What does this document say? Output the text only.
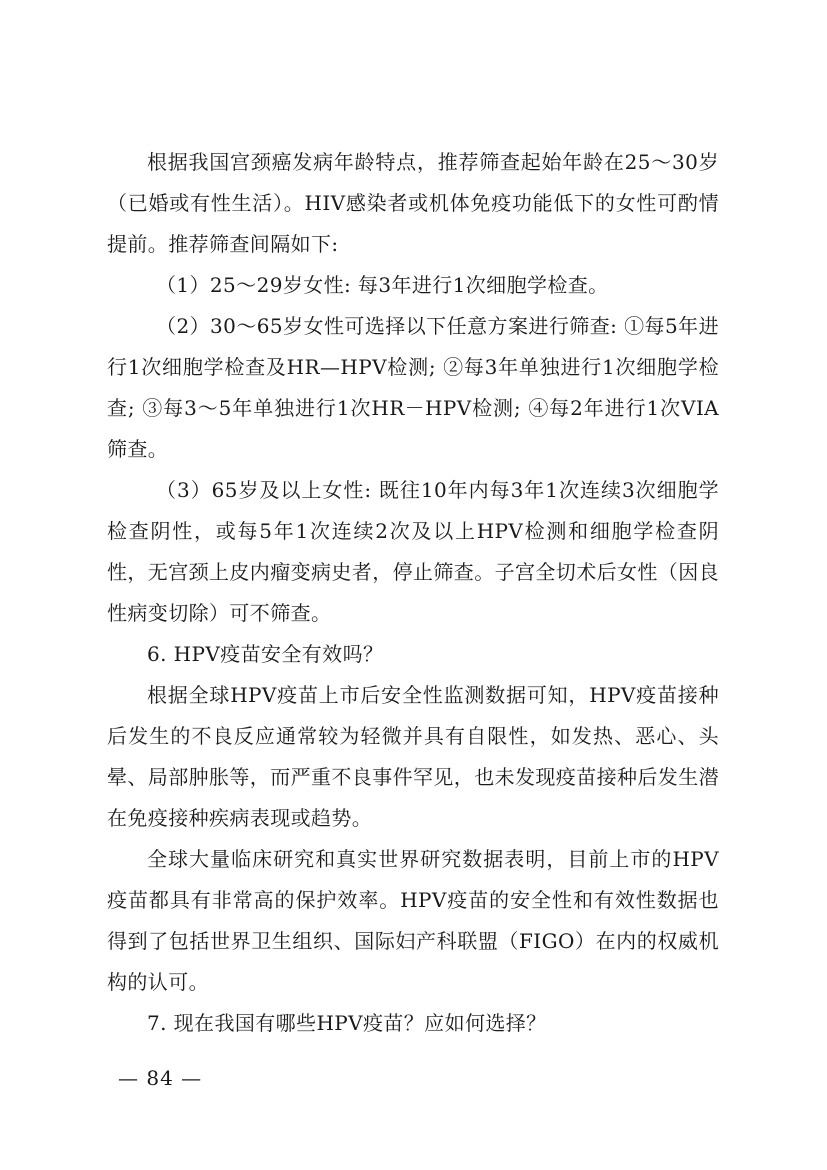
根据我国宫颈癌发病年龄特点，推荐筛查起始年龄在25～30岁（已婚或有性生活）。HIV感染者或机体免疫功能低下的女性可酌情提前。推荐筛查间隔如下:

（1）25～29岁女性: 每3年进行1次细胞学检查。

（2）30～65岁女性可选择以下任意方案进行筛查: ①每5年进行1次细胞学检查及HR—HPV检测; ②每3年单独进行1次细胞学检查; ③每3～5年单独进行1次HR－HPV检测; ④每2年进行1次VIA筛查。

（3）65岁及以上女性: 既往10年内每3年1次连续3次细胞学检查阴性，或每5年1次连续2次及以上HPV检测和细胞学检查阴性，无宫颈上皮内瘤变病史者，停止筛查。子宫全切术后女性（因良性病变切除）可不筛查。

6. HPV疫苗安全有效吗？

根据全球HPV疫苗上市后安全性监测数据可知，HPV疫苗接种后发生的不良反应通常较为轻微并具有自限性，如发热、恶心、头晕、局部肿胀等，而严重不良事件罕见，也未发现疫苗接种后发生潜在免疫接种疾病表现或趋势。

全球大量临床研究和真实世界研究数据表明，目前上市的HPV疫苗都具有非常高的保护效率。HPV疫苗的安全性和有效性数据也得到了包括世界卫生组织、国际妇产科联盟（FIGO）在内的权威机构的认可。

7. 现在我国有哪些HPV疫苗？应如何选择？

— 84 —
